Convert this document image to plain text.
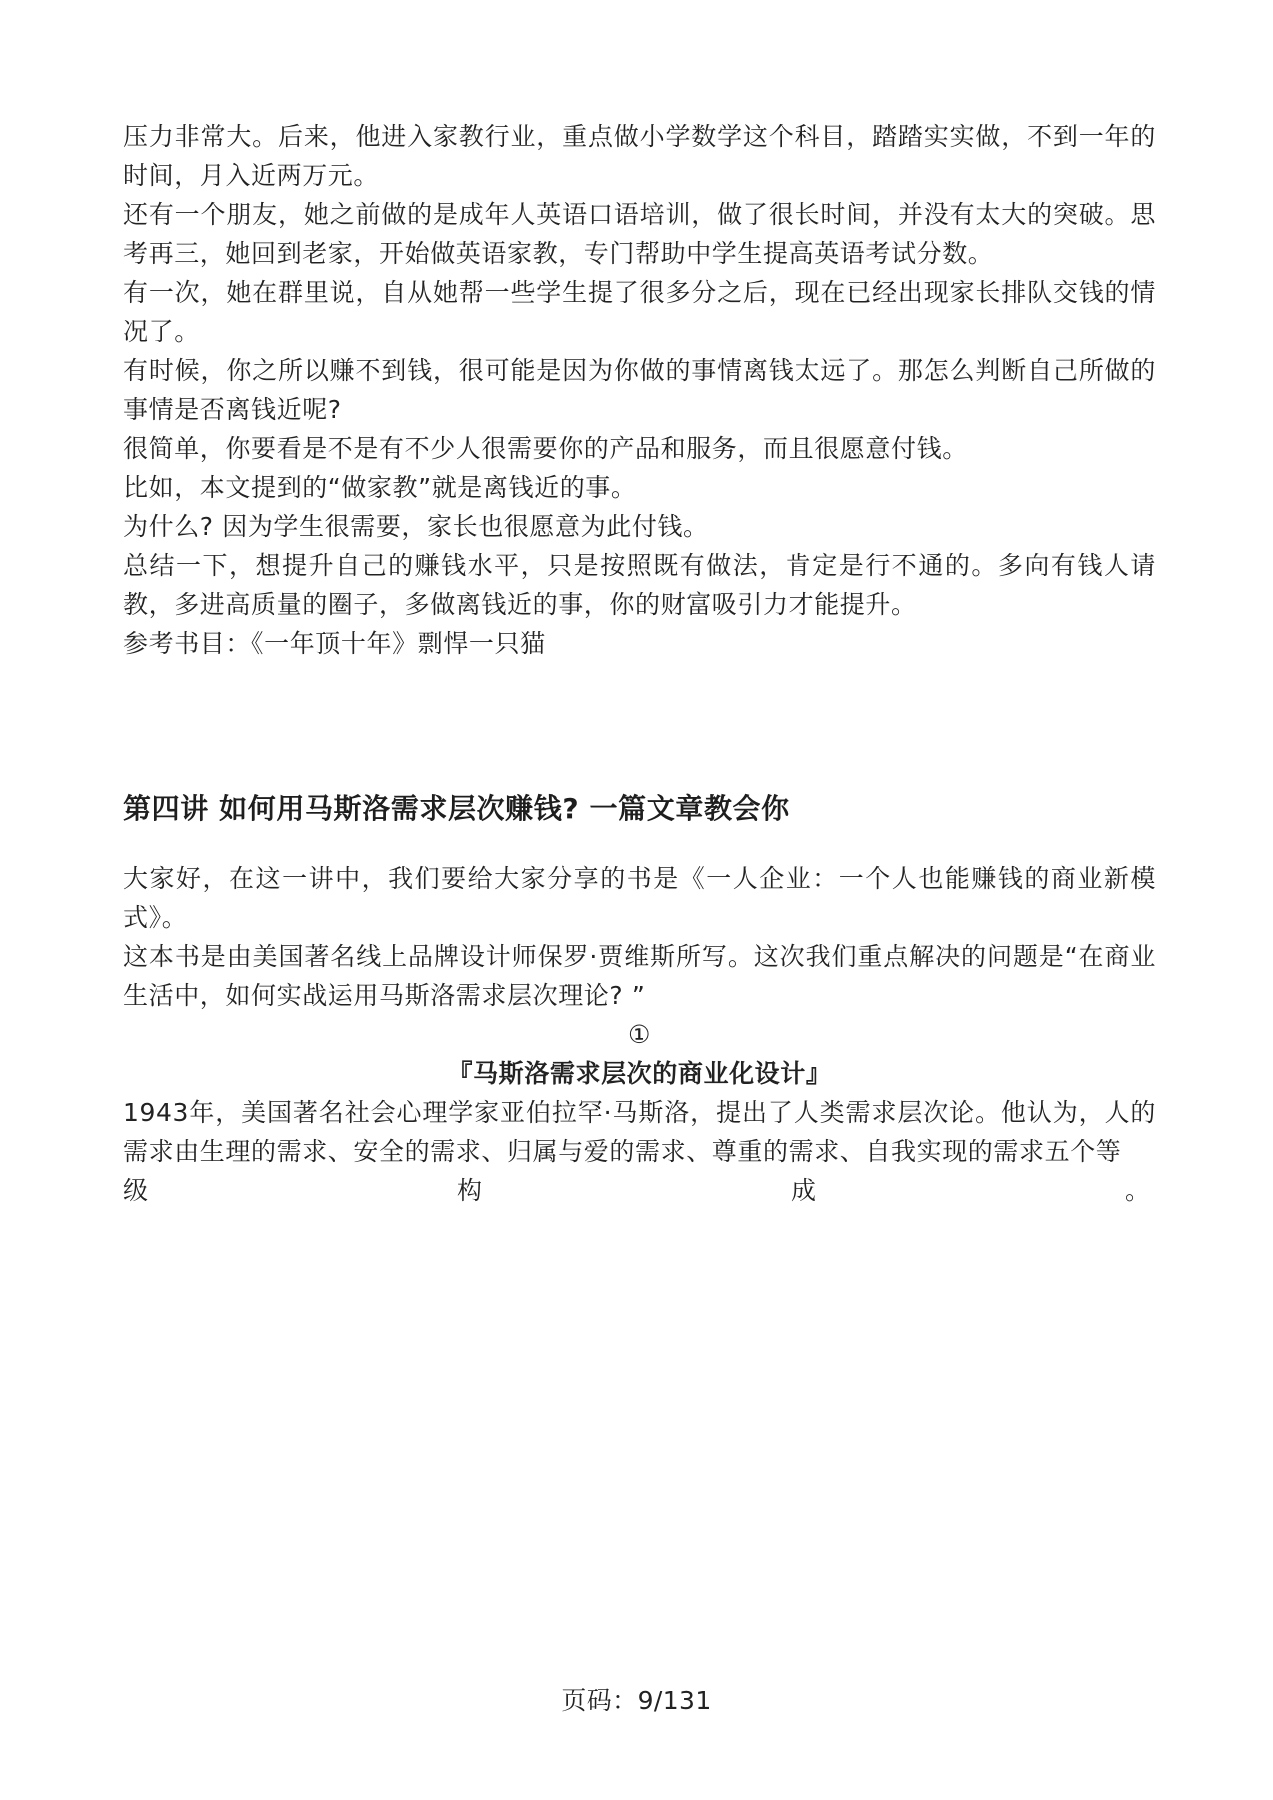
压力非常大。后来，他进入家教行业，重点做小学数学这个科目，踏踏实实做，不到一年的时间，月入近两万元。

还有一个朋友，她之前做的是成年人英语口语培训，做了很长时间，并没有太大的突破。思考再三，她回到老家，开始做英语家教，专门帮助中学生提高英语考试分数。

有一次，她在群里说，自从她帮一些学生提了很多分之后，现在已经出现家长排队交钱的情况了。

有时候，你之所以赚不到钱，很可能是因为你做的事情离钱太远了。那怎么判断自己所做的事情是否离钱近呢?

很简单，你要看是不是有不少人很需要你的产品和服务，而且很愿意付钱。

比如，本文提到的“做家教”就是离钱近的事。

为什么? 因为学生很需要，家长也很愿意为此付钱。

总结一下，想提升自己的赚钱水平，只是按照既有做法，肯定是行不通的。多向有钱人请教，多进高质量的圈子，多做离钱近的事，你的财富吸引力才能提升。

参考书目：《一年顶十年》剽悍一只猫

第四讲 如何用马斯洛需求层次赚钱? 一篇文章教会你

大家好，在这一讲中，我们要给大家分享的书是《一人企业：一个人也能赚钱的商业新模式》。

这本书是由美国著名线上品牌设计师保罗·贾维斯所写。这次我们重点解决的问题是“在商业生活中，如何实战运用马斯洛需求层次理论? ”

①

『马斯洛需求层次的商业化设计』

1943年，美国著名社会心理学家亚伯拉罕·马斯洛，提出了人类需求层次论。他认为，人的需求由生理的需求、安全的需求、归属与爱的需求、尊重的需求、自我实现的需求五个等

级	构	成	。
页码：9/131
